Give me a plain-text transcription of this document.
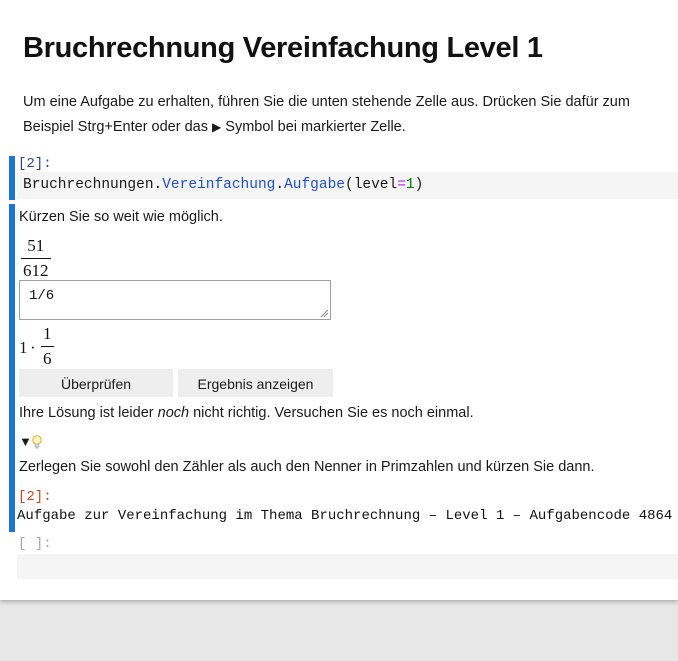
Bruchrechnung Vereinfachung Level 1
Um eine Aufgabe zu erhalten, führen Sie die unten stehende Zelle aus. Drücken Sie dafür zum Beispiel Strg+Enter oder das ▶ Symbol bei markierter Zelle.
[2]:
Bruchrechnungen.Vereinfachung.Aufgabe(level=1)
Kürzen Sie so weit wie möglich.
51
612
1/6
1 ·
1
6
Überprüfen	Ergebnis anzeigen
Ihre Lösung ist leider noch nicht richtig. Versuchen Sie es noch einmal.
▼
Zerlegen Sie sowohl den Zähler als auch den Nenner in Primzahlen und kürzen Sie dann.
[2]:
Aufgabe zur Vereinfachung im Thema Bruchrechnung – Level 1 – Aufgabencode 4864
[ ]:
